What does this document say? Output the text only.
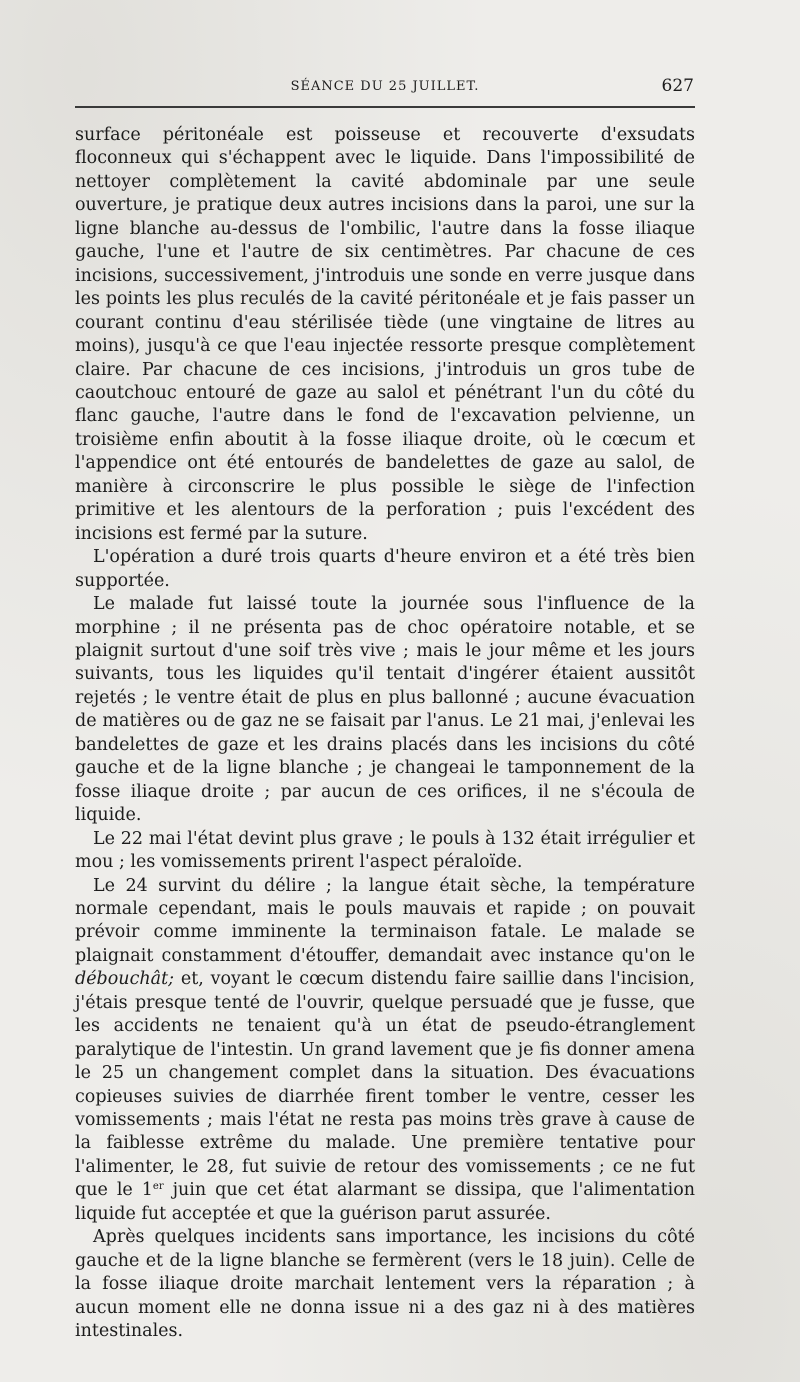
SÉANCE DU 25 JUILLET.	627

surface péritonéale est poisseuse et recouverte d'exsudats floconneux qui s'échappent avec le liquide. Dans l'impossibilité de nettoyer complètement la cavité abdominale par une seule ouverture, je pratique deux autres incisions dans la paroi, une sur la ligne blanche au-dessus de l'ombilic, l'autre dans la fosse iliaque gauche, l'une et l'autre de six centimètres. Par chacune de ces incisions, successivement, j'introduis une sonde en verre jusque dans les points les plus reculés de la cavité péritonéale et je fais passer un courant continu d'eau stérilisée tiède (une vingtaine de litres au moins), jusqu'à ce que l'eau injectée ressorte presque complètement claire. Par chacune de ces incisions, j'introduis un gros tube de caoutchouc entouré de gaze au salol et pénétrant l'un du côté du flanc gauche, l'autre dans le fond de l'excavation pelvienne, un troisième enfin aboutit à la fosse iliaque droite, où le cœcum et l'appendice ont été entourés de bandelettes de gaze au salol, de manière à circonscrire le plus possible le siège de l'infection primitive et les alentours de la perforation ; puis l'excédent des incisions est fermé par la suture.

L'opération a duré trois quarts d'heure environ et a été très bien supportée.

Le malade fut laissé toute la journée sous l'influence de la morphine ; il ne présenta pas de choc opératoire notable, et se plaignit surtout d'une soif très vive ; mais le jour même et les jours suivants, tous les liquides qu'il tentait d'ingérer étaient aussitôt rejetés ; le ventre était de plus en plus ballonné ; aucune évacuation de matières ou de gaz ne se faisait par l'anus. Le 21 mai, j'enlevai les bandelettes de gaze et les drains placés dans les incisions du côté gauche et de la ligne blanche ; je changeai le tamponnement de la fosse iliaque droite ; par aucun de ces orifices, il ne s'écoula de liquide.

Le 22 mai l'état devint plus grave ; le pouls à 132 était irrégulier et mou ; les vomissements prirent l'aspect péraloïde.

Le 24 survint du délire ; la langue était sèche, la température normale cependant, mais le pouls mauvais et rapide ; on pouvait prévoir comme imminente la terminaison fatale. Le malade se plaignait constamment d'étouffer, demandait avec instance qu'on le débouchât; et, voyant le cœcum distendu faire saillie dans l'incision, j'étais presque tenté de l'ouvrir, quelque persuadé que je fusse, que les accidents ne tenaient qu'à un état de pseudo-étranglement paralytique de l'intestin. Un grand lavement que je fis donner amena le 25 un changement complet dans la situation. Des évacuations copieuses suivies de diarrhée firent tomber le ventre, cesser les vomissements ; mais l'état ne resta pas moins très grave à cause de la faiblesse extrême du malade. Une première tentative pour l'alimenter, le 28, fut suivie de retour des vomissements ; ce ne fut que le 1er juin que cet état alarmant se dissipa, que l'alimentation liquide fut acceptée et que la guérison parut assurée.

Après quelques incidents sans importance, les incisions du côté gauche et de la ligne blanche se fermèrent (vers le 18 juin). Celle de la fosse iliaque droite marchait lentement vers la réparation ; à aucun moment elle ne donna issue ni a des gaz ni à des matières intestinales.
